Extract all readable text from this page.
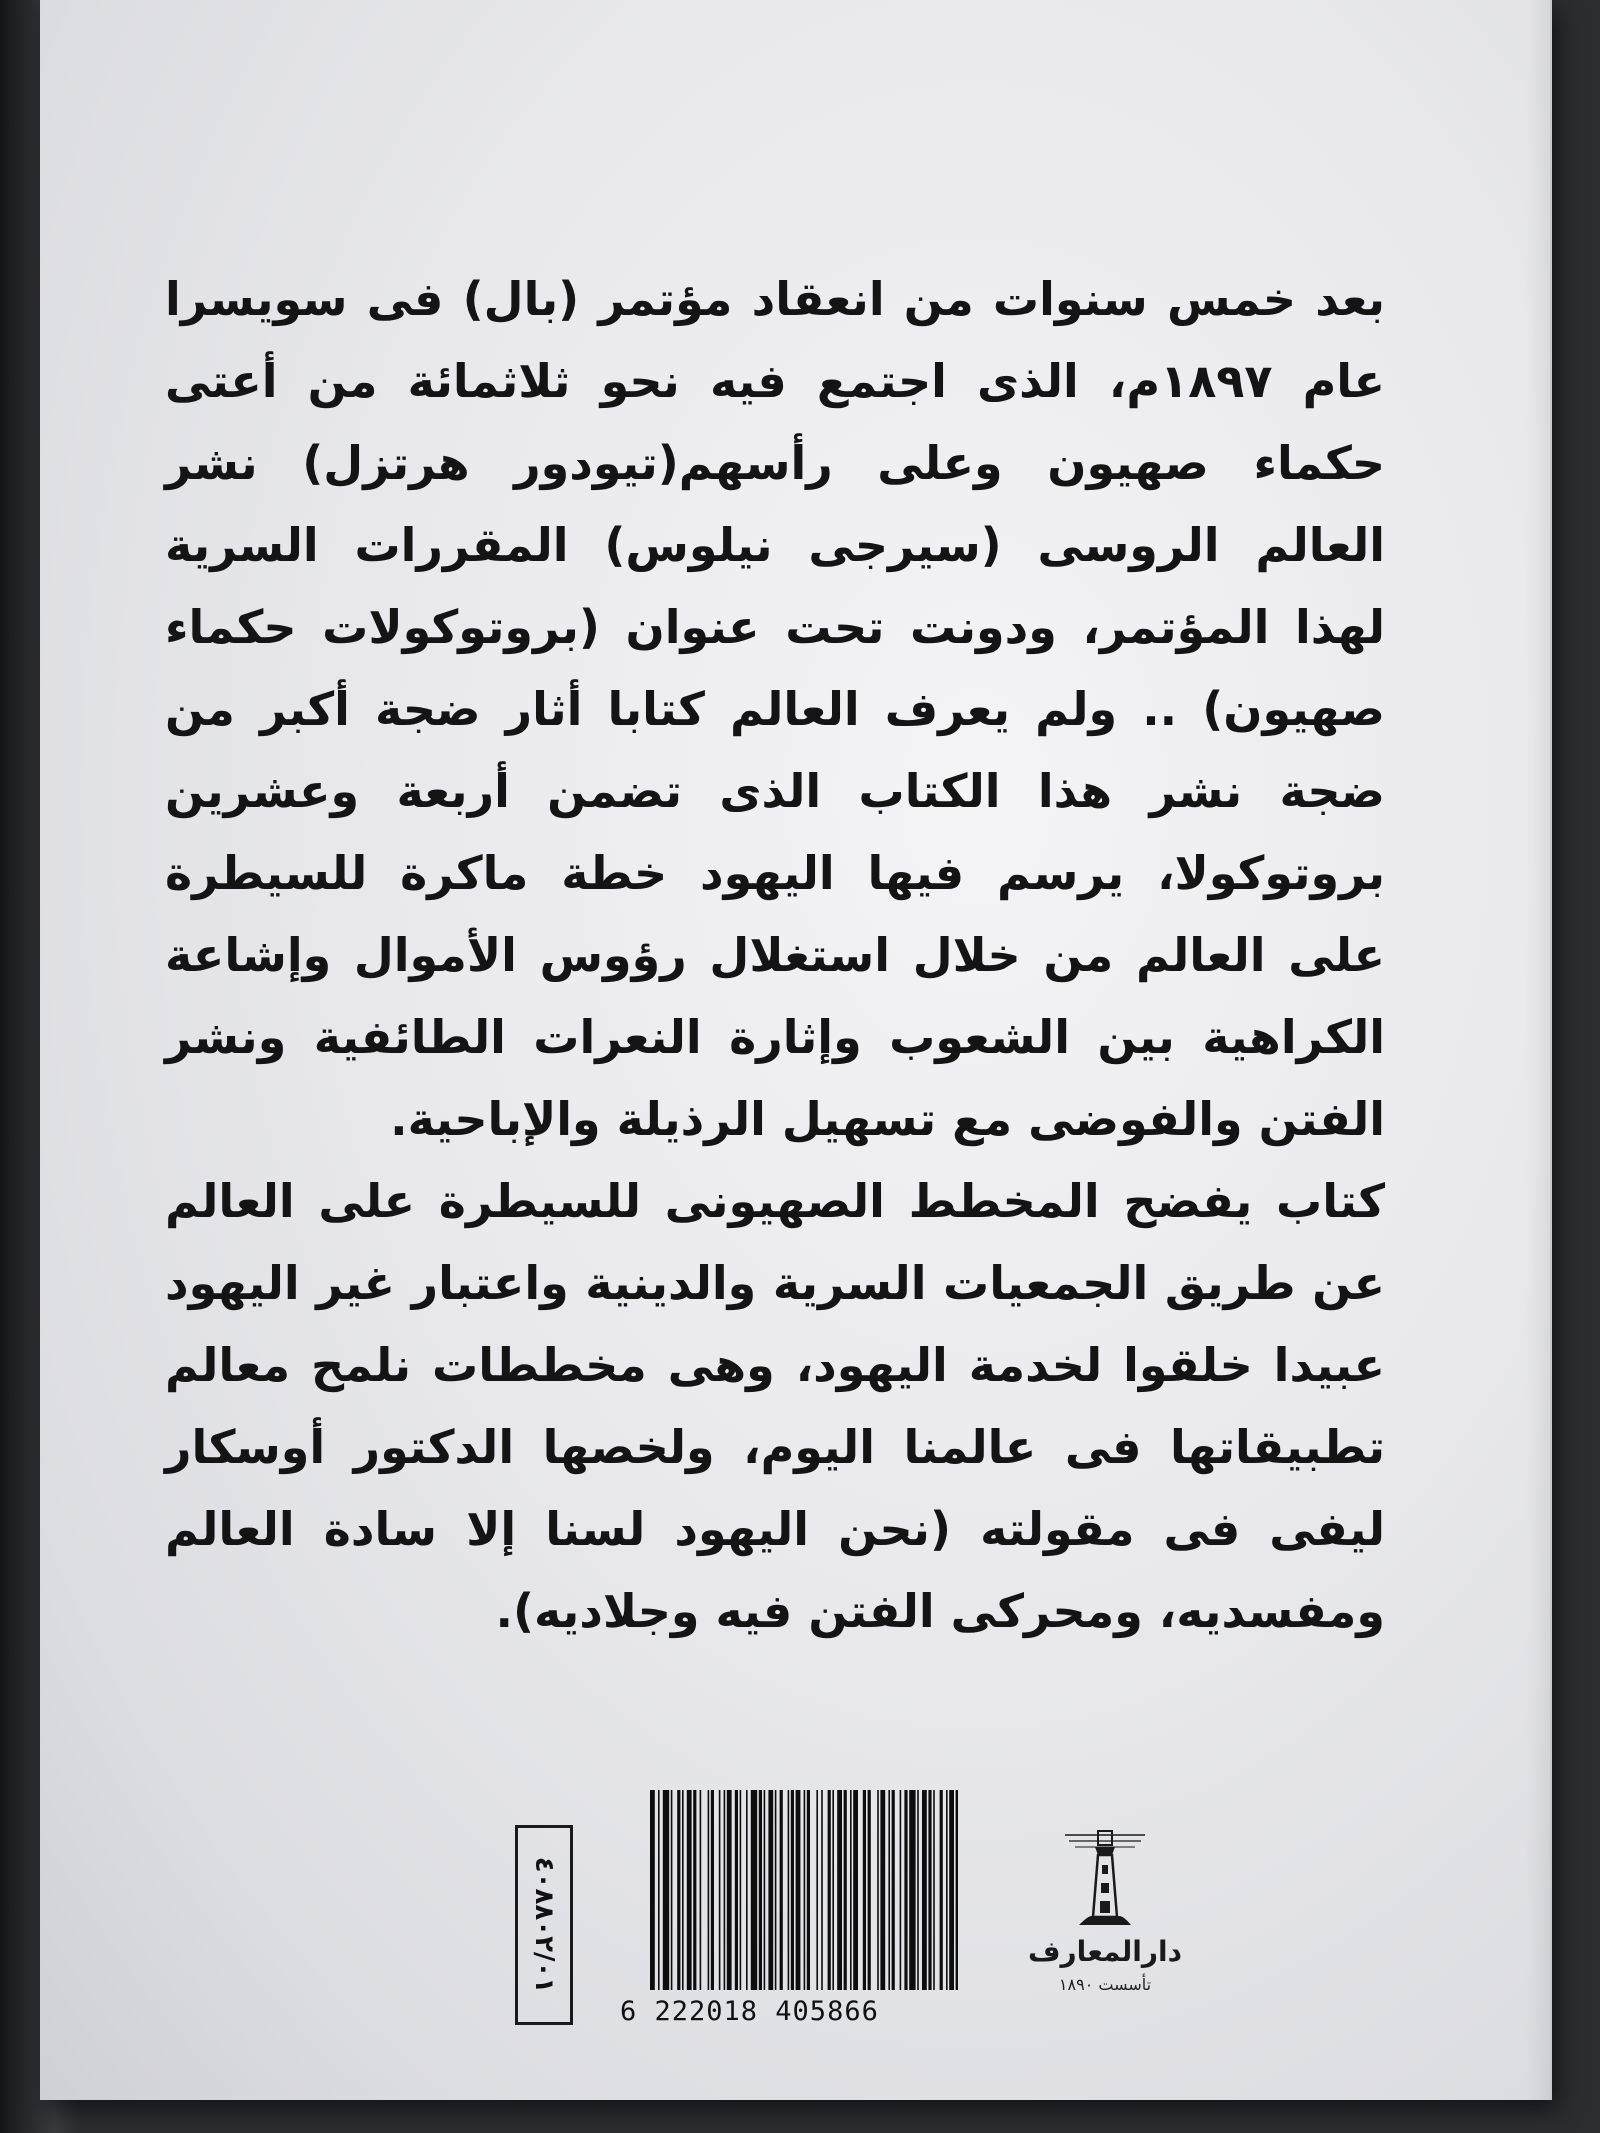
بعد خمس سنوات من انعقاد مؤتمر (بال) فى سويسرا عام ١٨٩٧م، الذى اجتمع فيه نحو ثلاثمائة من أعتى حكماء صهيون وعلى رأسهم(تيودور هرتزل) نشر العالم الروسى (سيرجى نيلوس) المقررات السرية لهذا المؤتمر، ودونت تحت عنوان (بروتوكولات حكماء صهيون) .. ولم يعرف العالم كتابا أثار ضجة أكبر من ضجة نشر هذا الكتاب الذى تضمن أربعة وعشرين بروتوكولا، يرسم فيها اليهود خطة ماكرة للسيطرة على العالم من خلال استغلال رؤوس الأموال وإشاعة الكراهية بين الشعوب وإثارة النعرات الطائفية ونشر الفتن والفوضى مع تسهيل الرذيلة والإباحية.

كتاب يفضح المخطط الصهيونى للسيطرة على العالم عن طريق الجمعيات السرية والدينية واعتبار غير اليهود عبيدا خلقوا لخدمة اليهود، وهى مخططات نلمح معالم تطبيقاتها فى عالمنا اليوم، ولخصها الدكتور أوسكار ليفى فى مقولته (نحن اليهود لسنا إلا سادة العالم ومفسديه، ومحركى الفتن فيه وجلاديه).

دارالمعارف
تأسست ١٨٩٠
6 222018 405866
٤٠٨٨٠٢/٠١
